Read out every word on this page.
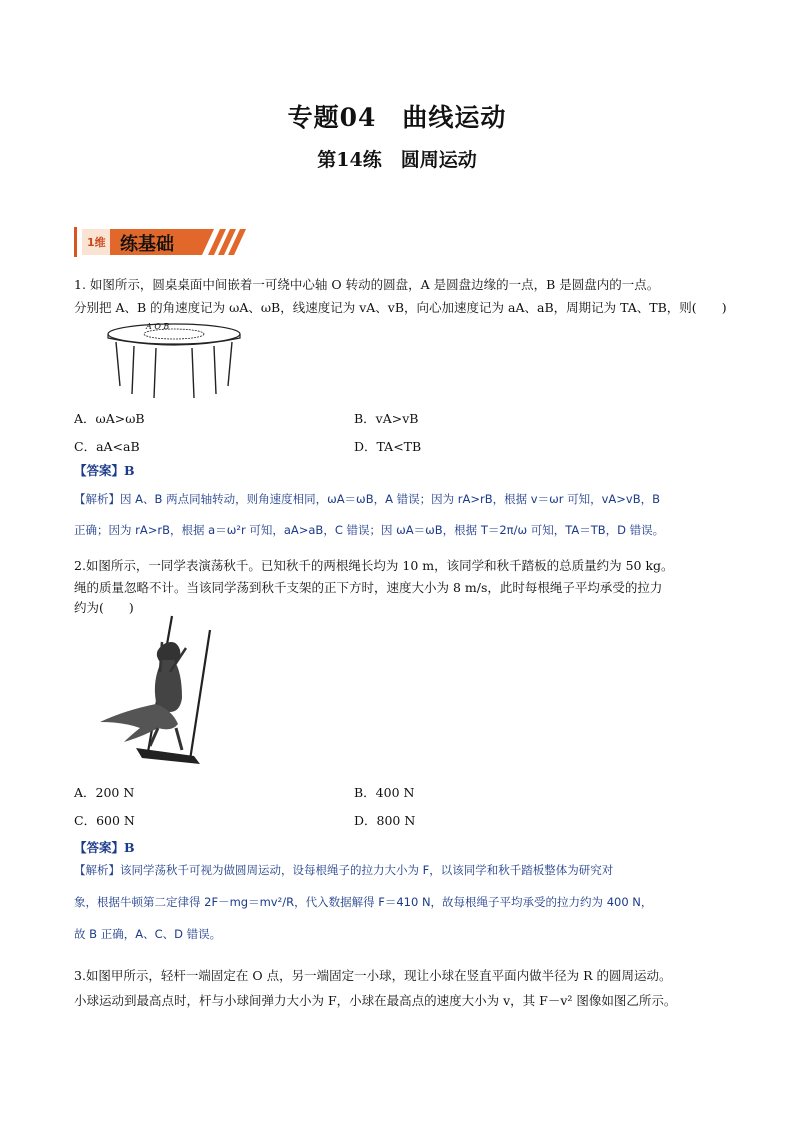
专题04　曲线运动
第14练　圆周运动
1维 练基础
1. 如图所示，圆桌桌面中间嵌着一可绕中心轴 O 转动的圆盘，A 是圆盘边缘的一点，B 是圆盘内的一点。
分别把 A、B 的角速度记为 ωA、ωB，线速度记为 vA、vB，向心加速度记为 aA、aB，周期记为 TA、TB，则(　　)
A O B
A．ωA>ωB	B．vA>vB
C．aA<aB	D．TA<TB
【答案】B
【解析】因 A、B 两点同轴转动，则角速度相同，ωA＝ωB，A 错误；因为 rA>rB，根据 v＝ωr 可知，vA>vB，B
正确；因为 rA>rB，根据 a＝ω²r 可知，aA>aB，C 错误；因 ωA＝ωB，根据 T＝2π/ω 可知，TA＝TB，D 错误。
2.如图所示，一同学表演荡秋千。已知秋千的两根绳长均为 10 m，该同学和秋千踏板的总质量约为 50 kg。
绳的质量忽略不计。当该同学荡到秋千支架的正下方时，速度大小为 8 m/s，此时每根绳子平均承受的拉力
约为(　　)
A．200 N	B．400 N
C．600 N	D．800 N
【答案】B
【解析】该同学荡秋千可视为做圆周运动，设每根绳子的拉力大小为 F，以该同学和秋千踏板整体为研究对
象，根据牛顿第二定律得 2F－mg＝mv²/R，代入数据解得 F＝410 N，故每根绳子平均承受的拉力约为 400 N，
故 B 正确，A、C、D 错误。
3.如图甲所示，轻杆一端固定在 O 点，另一端固定一小球，现让小球在竖直平面内做半径为 R 的圆周运动。
小球运动到最高点时，杆与小球间弹力大小为 F，小球在最高点的速度大小为 v，其 F－v² 图像如图乙所示。
